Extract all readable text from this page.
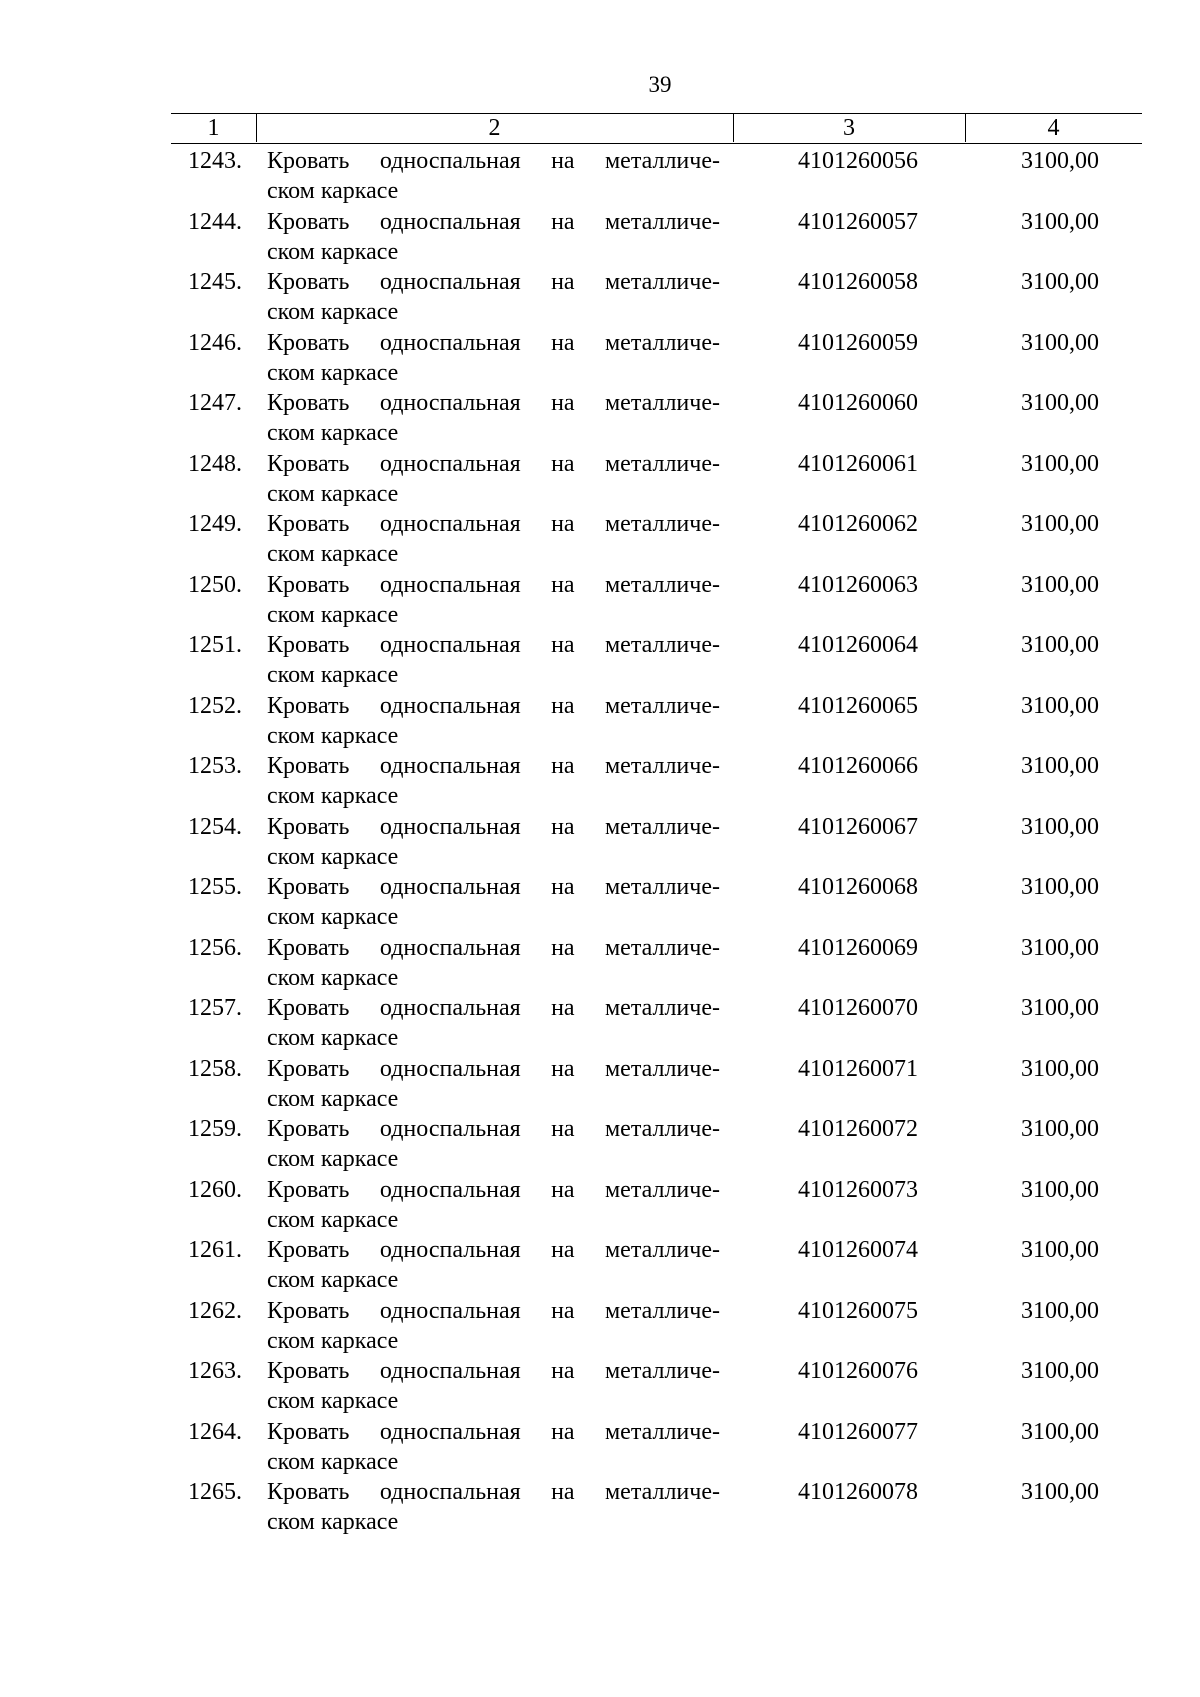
39
1	2	3	4
1243. Кровать односпальная на металличе-
ском каркасе
4101260056	3100,00
1244. Кровать односпальная на металличе-
ском каркасе
4101260057	3100,00
1245. Кровать односпальная на металличе-
ском каркасе
4101260058	3100,00
1246. Кровать односпальная на металличе-
ском каркасе
4101260059	3100,00
1247. Кровать односпальная на металличе-
ском каркасе
4101260060	3100,00
1248. Кровать односпальная на металличе-
ском каркасе
4101260061	3100,00
1249. Кровать односпальная на металличе-
ском каркасе
4101260062	3100,00
1250. Кровать односпальная на металличе-
ском каркасе
4101260063	3100,00
1251. Кровать односпальная на металличе-
ском каркасе
4101260064	3100,00
1252. Кровать односпальная на металличе-
ском каркасе
4101260065	3100,00
1253. Кровать односпальная на металличе-
ском каркасе
4101260066	3100,00
1254. Кровать односпальная на металличе-
ском каркасе
4101260067	3100,00
1255. Кровать односпальная на металличе-
ском каркасе
4101260068	3100,00
1256. Кровать односпальная на металличе-
ском каркасе
4101260069	3100,00
1257. Кровать односпальная на металличе-
ском каркасе
4101260070	3100,00
1258. Кровать односпальная на металличе-
ском каркасе
4101260071	3100,00
1259. Кровать односпальная на металличе-
ском каркасе
4101260072	3100,00
1260. Кровать односпальная на металличе-
ском каркасе
4101260073	3100,00
1261. Кровать односпальная на металличе-
ском каркасе
4101260074	3100,00
1262. Кровать односпальная на металличе-
ском каркасе
4101260075	3100,00
1263. Кровать односпальная на металличе-
ском каркасе
4101260076	3100,00
1264. Кровать односпальная на металличе-
ском каркасе
4101260077	3100,00
1265. Кровать односпальная на металличе-
ском каркасе
4101260078	3100,00
